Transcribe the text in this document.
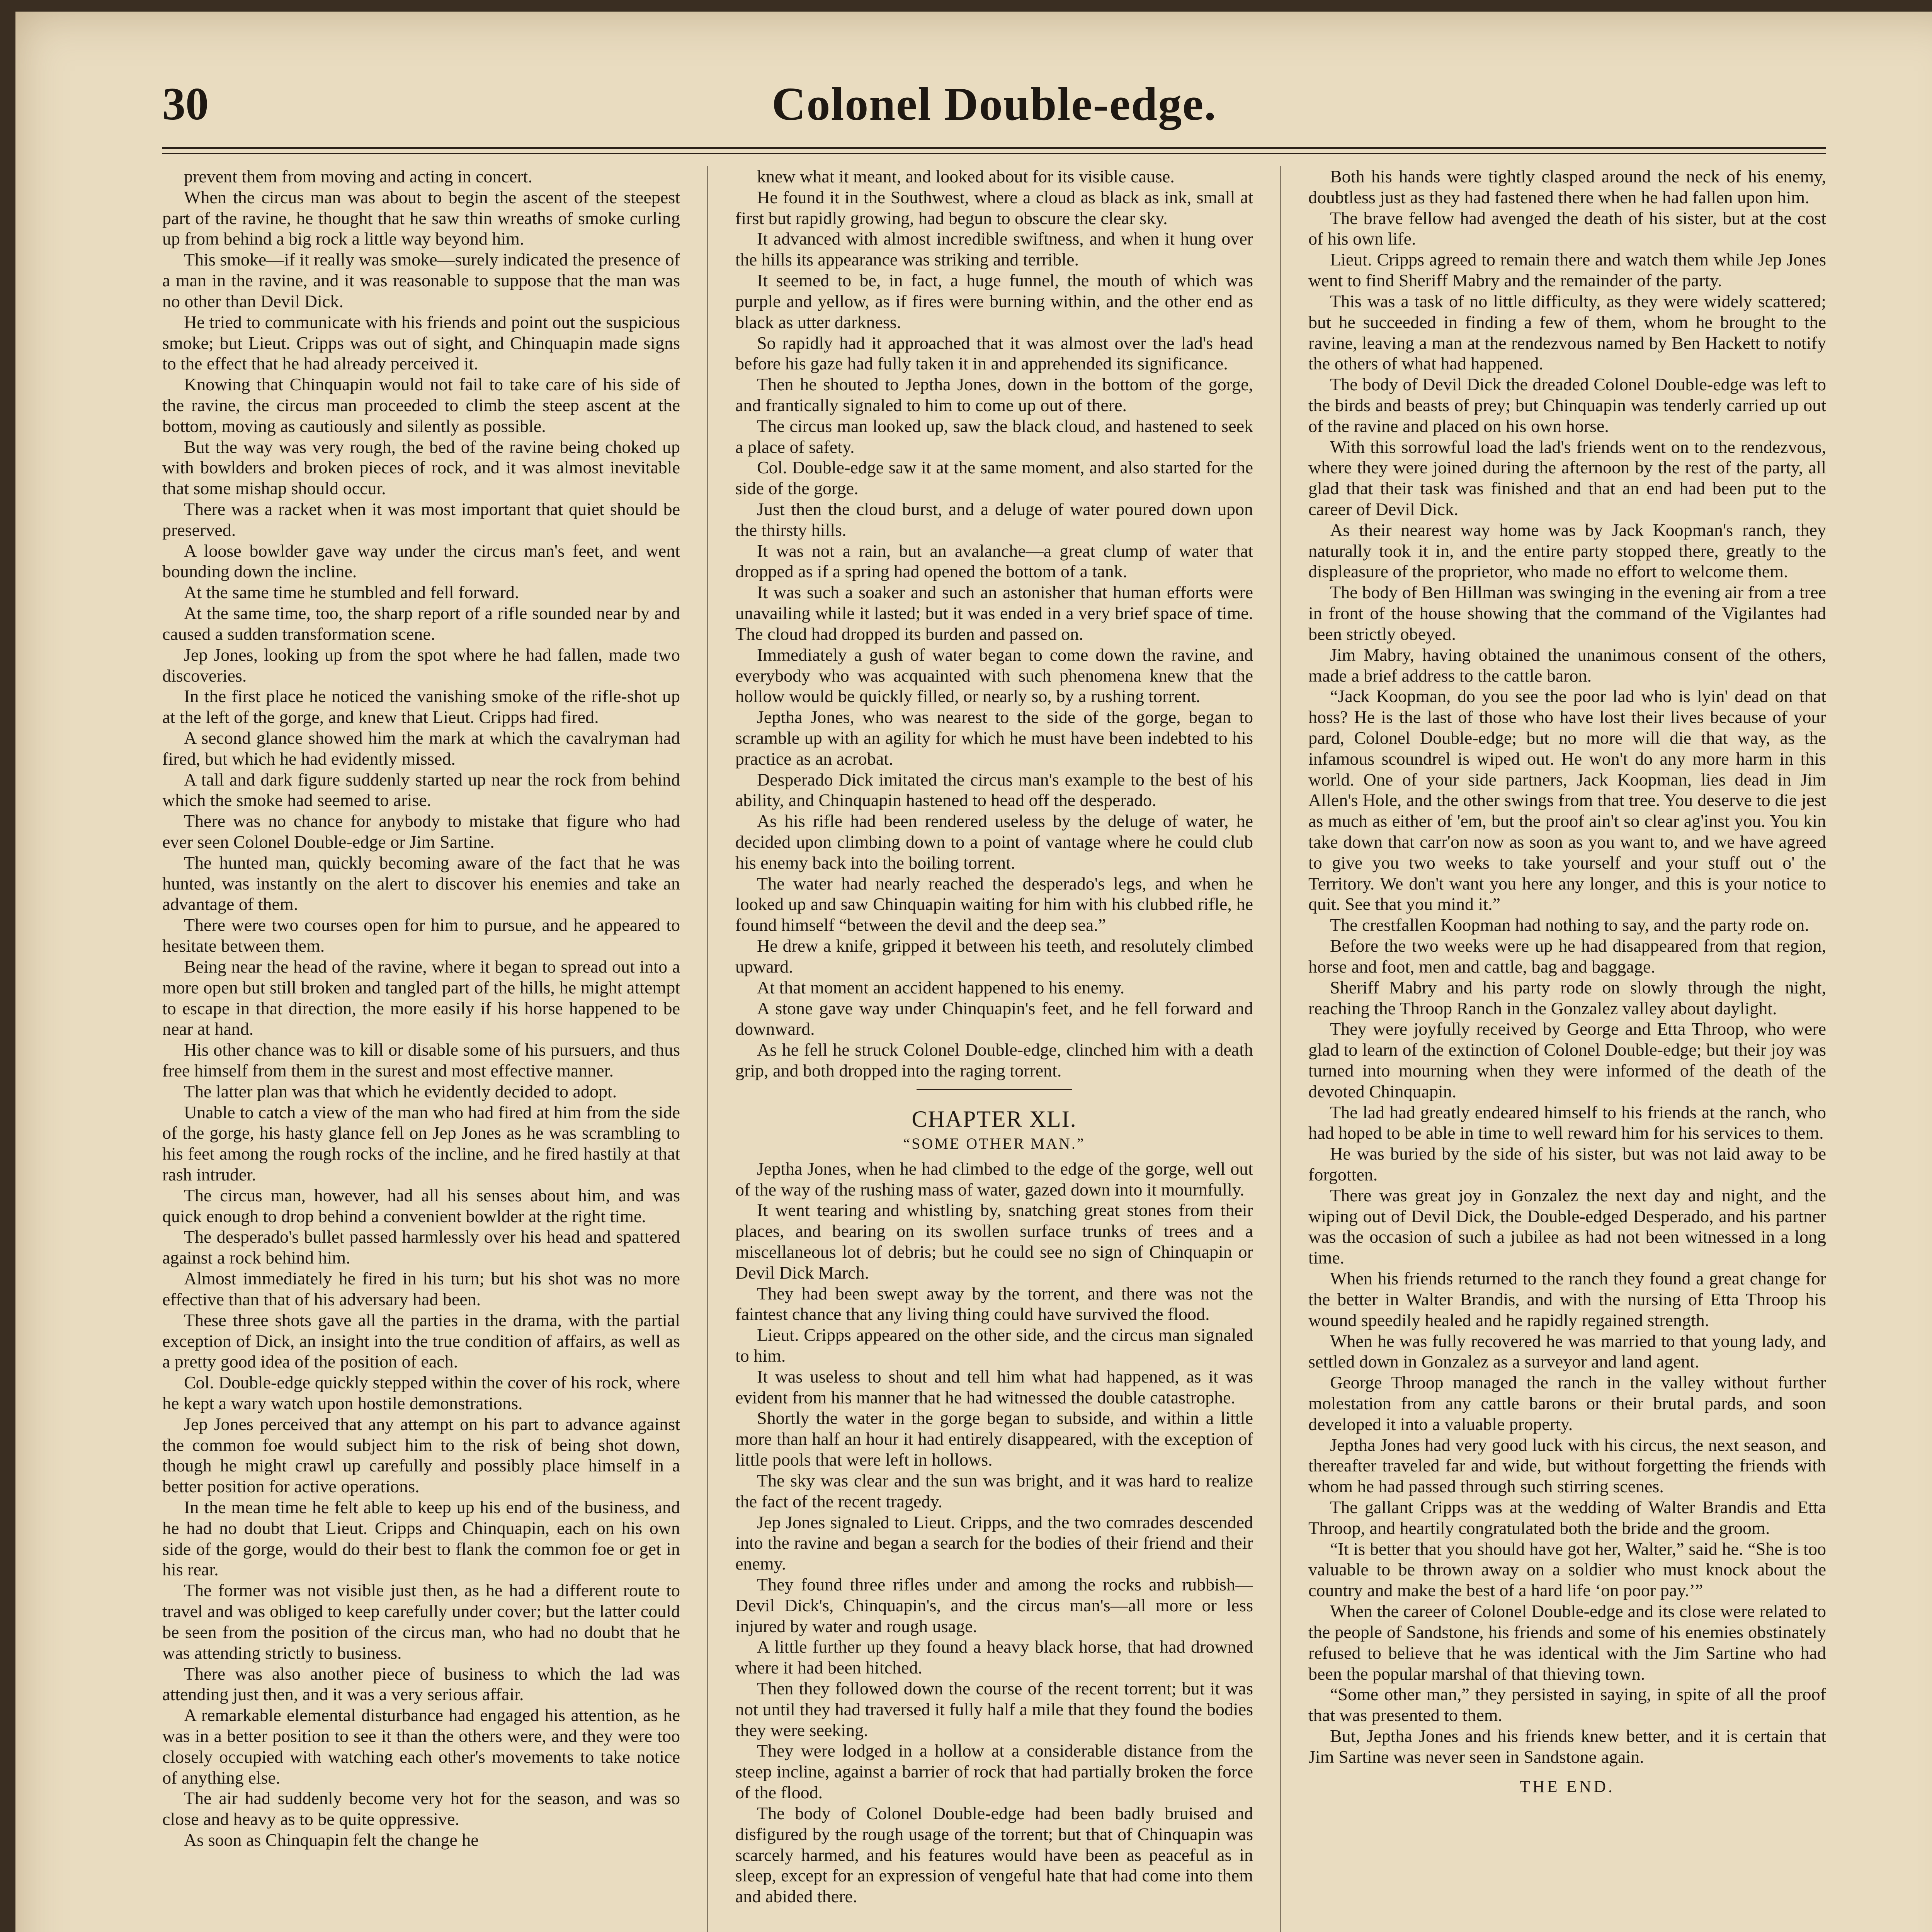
30	Colonel Double-edge.

prevent them from moving and acting in concert.

When the circus man was about to begin the ascent of the steepest part of the ravine, he thought that he saw thin wreaths of smoke curling up from behind a big rock a little way beyond him.

This smoke—if it really was smoke—surely indicated the presence of a man in the ravine, and it was reasonable to suppose that the man was no other than Devil Dick.

He tried to communicate with his friends and point out the suspicious smoke; but Lieut. Cripps was out of sight, and Chinquapin made signs to the effect that he had already perceived it.

Knowing that Chinquapin would not fail to take care of his side of the ravine, the circus man proceeded to climb the steep ascent at the bottom, moving as cautiously and silently as possible.

But the way was very rough, the bed of the ravine being choked up with bowlders and broken pieces of rock, and it was almost inevitable that some mishap should occur.

There was a racket when it was most important that quiet should be preserved.

A loose bowlder gave way under the circus man's feet, and went bounding down the incline.

At the same time he stumbled and fell forward.

At the same time, too, the sharp report of a rifle sounded near by and caused a sudden transformation scene.

Jep Jones, looking up from the spot where he had fallen, made two discoveries.

In the first place he noticed the vanishing smoke of the rifle-shot up at the left of the gorge, and knew that Lieut. Cripps had fired.

A second glance showed him the mark at which the cavalryman had fired, but which he had evidently missed.

A tall and dark figure suddenly started up near the rock from behind which the smoke had seemed to arise.

There was no chance for anybody to mistake that figure who had ever seen Colonel Double-edge or Jim Sartine.

The hunted man, quickly becoming aware of the fact that he was hunted, was instantly on the alert to discover his enemies and take an advantage of them.

There were two courses open for him to pursue, and he appeared to hesitate between them.

Being near the head of the ravine, where it began to spread out into a more open but still broken and tangled part of the hills, he might attempt to escape in that direction, the more easily if his horse happened to be near at hand.

His other chance was to kill or disable some of his pursuers, and thus free himself from them in the surest and most effective manner.

The latter plan was that which he evidently decided to adopt.

Unable to catch a view of the man who had fired at him from the side of the gorge, his hasty glance fell on Jep Jones as he was scrambling to his feet among the rough rocks of the incline, and he fired hastily at that rash intruder.

The circus man, however, had all his senses about him, and was quick enough to drop behind a convenient bowlder at the right time.

The desperado's bullet passed harmlessly over his head and spattered against a rock behind him.

Almost immediately he fired in his turn; but his shot was no more effective than that of his adversary had been.

These three shots gave all the parties in the drama, with the partial exception of Dick, an insight into the true condition of affairs, as well as a pretty good idea of the position of each.

Col. Double-edge quickly stepped within the cover of his rock, where he kept a wary watch upon hostile demonstrations.

Jep Jones perceived that any attempt on his part to advance against the common foe would subject him to the risk of being shot down, though he might crawl up carefully and possibly place himself in a better position for active operations.

In the mean time he felt able to keep up his end of the business, and he had no doubt that Lieut. Cripps and Chinquapin, each on his own side of the gorge, would do their best to flank the common foe or get in his rear.

The former was not visible just then, as he had a different route to travel and was obliged to keep carefully under cover; but the latter could be seen from the position of the circus man, who had no doubt that he was attending strictly to business.

There was also another piece of business to which the lad was attending just then, and it was a very serious affair.

A remarkable elemental disturbance had engaged his attention, as he was in a better position to see it than the others were, and they were too closely occupied with watching each other's movements to take notice of anything else.

The air had suddenly become very hot for the season, and was so close and heavy as to be quite oppressive.

As soon as Chinquapin felt the change he

knew what it meant, and looked about for its visible cause.

He found it in the Southwest, where a cloud as black as ink, small at first but rapidly growing, had begun to obscure the clear sky.

It advanced with almost incredible swiftness, and when it hung over the hills its appearance was striking and terrible.

It seemed to be, in fact, a huge funnel, the mouth of which was purple and yellow, as if fires were burning within, and the other end as black as utter darkness.

So rapidly had it approached that it was almost over the lad's head before his gaze had fully taken it in and apprehended its significance.

Then he shouted to Jeptha Jones, down in the bottom of the gorge, and frantically signaled to him to come up out of there.

The circus man looked up, saw the black cloud, and hastened to seek a place of safety.

Col. Double-edge saw it at the same moment, and also started for the side of the gorge.

Just then the cloud burst, and a deluge of water poured down upon the thirsty hills.

It was not a rain, but an avalanche—a great clump of water that dropped as if a spring had opened the bottom of a tank.

It was such a soaker and such an astonisher that human efforts were unavailing while it lasted; but it was ended in a very brief space of time. The cloud had dropped its burden and passed on.

Immediately a gush of water began to come down the ravine, and everybody who was acquainted with such phenomena knew that the hollow would be quickly filled, or nearly so, by a rushing torrent.

Jeptha Jones, who was nearest to the side of the gorge, began to scramble up with an agility for which he must have been indebted to his practice as an acrobat.

Desperado Dick imitated the circus man's example to the best of his ability, and Chinquapin hastened to head off the desperado.

As his rifle had been rendered useless by the deluge of water, he decided upon climbing down to a point of vantage where he could club his enemy back into the boiling torrent.

The water had nearly reached the desperado's legs, and when he looked up and saw Chinquapin waiting for him with his clubbed rifle, he found himself “between the devil and the deep sea.”

He drew a knife, gripped it between his teeth, and resolutely climbed upward.

At that moment an accident happened to his enemy.

A stone gave way under Chinquapin's feet, and he fell forward and downward.

As he fell he struck Colonel Double-edge, clinched him with a death grip, and both dropped into the raging torrent.

CHAPTER XLI.
“SOME OTHER MAN.”

Jeptha Jones, when he had climbed to the edge of the gorge, well out of the way of the rushing mass of water, gazed down into it mournfully.

It went tearing and whistling by, snatching great stones from their places, and bearing on its swollen surface trunks of trees and a miscellaneous lot of debris; but he could see no sign of Chinquapin or Devil Dick March.

They had been swept away by the torrent, and there was not the faintest chance that any living thing could have survived the flood.

Lieut. Cripps appeared on the other side, and the circus man signaled to him.

It was useless to shout and tell him what had happened, as it was evident from his manner that he had witnessed the double catastrophe.

Shortly the water in the gorge began to subside, and within a little more than half an hour it had entirely disappeared, with the exception of little pools that were left in hollows.

The sky was clear and the sun was bright, and it was hard to realize the fact of the recent tragedy.

Jep Jones signaled to Lieut. Cripps, and the two comrades descended into the ravine and began a search for the bodies of their friend and their enemy.

They found three rifles under and among the rocks and rubbish—Devil Dick's, Chinquapin's, and the circus man's—all more or less injured by water and rough usage.

A little further up they found a heavy black horse, that had drowned where it had been hitched.

Then they followed down the course of the recent torrent; but it was not until they had traversed it fully half a mile that they found the bodies they were seeking.

They were lodged in a hollow at a considerable distance from the steep incline, against a barrier of rock that had partially broken the force of the flood.

The body of Colonel Double-edge had been badly bruised and disfigured by the rough usage of the torrent; but that of Chinquapin was scarcely harmed, and his features would have been as peaceful as in sleep, except for an expression of vengeful hate that had come into them and abided there.

Both his hands were tightly clasped around the neck of his enemy, doubtless just as they had fastened there when he had fallen upon him.

The brave fellow had avenged the death of his sister, but at the cost of his own life.

Lieut. Cripps agreed to remain there and watch them while Jep Jones went to find Sheriff Mabry and the remainder of the party.

This was a task of no little difficulty, as they were widely scattered; but he succeeded in finding a few of them, whom he brought to the ravine, leaving a man at the rendezvous named by Ben Hackett to notify the others of what had happened.

The body of Devil Dick the dreaded Colonel Double-edge was left to the birds and beasts of prey; but Chinquapin was tenderly carried up out of the ravine and placed on his own horse.

With this sorrowful load the lad's friends went on to the rendezvous, where they were joined during the afternoon by the rest of the party, all glad that their task was finished and that an end had been put to the career of Devil Dick.

As their nearest way home was by Jack Koopman's ranch, they naturally took it in, and the entire party stopped there, greatly to the displeasure of the proprietor, who made no effort to welcome them.

The body of Ben Hillman was swinging in the evening air from a tree in front of the house showing that the command of the Vigilantes had been strictly obeyed.

Jim Mabry, having obtained the unanimous consent of the others, made a brief address to the cattle baron.

“Jack Koopman, do you see the poor lad who is lyin' dead on that hoss? He is the last of those who have lost their lives because of your pard, Colonel Double-edge; but no more will die that way, as the infamous scoundrel is wiped out. He won't do any more harm in this world. One of your side partners, Jack Koopman, lies dead in Jim Allen's Hole, and the other swings from that tree. You deserve to die jest as much as either of 'em, but the proof ain't so clear ag'inst you. You kin take down that carr'on now as soon as you want to, and we have agreed to give you two weeks to take yourself and your stuff out o' the Territory. We don't want you here any longer, and this is your notice to quit. See that you mind it.”

The crestfallen Koopman had nothing to say, and the party rode on.

Before the two weeks were up he had disappeared from that region, horse and foot, men and cattle, bag and baggage.

Sheriff Mabry and his party rode on slowly through the night, reaching the Throop Ranch in the Gonzalez valley about daylight.

They were joyfully received by George and Etta Throop, who were glad to learn of the extinction of Colonel Double-edge; but their joy was turned into mourning when they were informed of the death of the devoted Chinquapin.

The lad had greatly endeared himself to his friends at the ranch, who had hoped to be able in time to well reward him for his services to them.

He was buried by the side of his sister, but was not laid away to be forgotten.

There was great joy in Gonzalez the next day and night, and the wiping out of Devil Dick, the Double-edged Desperado, and his partner was the occasion of such a jubilee as had not been witnessed in a long time.

When his friends returned to the ranch they found a great change for the better in Walter Brandis, and with the nursing of Etta Throop his wound speedily healed and he rapidly regained strength.

When he was fully recovered he was married to that young lady, and settled down in Gonzalez as a surveyor and land agent.

George Throop managed the ranch in the valley without further molestation from any cattle barons or their brutal pards, and soon developed it into a valuable property.

Jeptha Jones had very good luck with his circus, the next season, and thereafter traveled far and wide, but without forgetting the friends with whom he had passed through such stirring scenes.

The gallant Cripps was at the wedding of Walter Brandis and Etta Throop, and heartily congratulated both the bride and the groom.

“It is better that you should have got her, Walter,” said he. “She is too valuable to be thrown away on a soldier who must knock about the country and make the best of a hard life ‘on poor pay.’”

When the career of Colonel Double-edge and its close were related to the people of Sandstone, his friends and some of his enemies obstinately refused to believe that he was identical with the Jim Sartine who had been the popular marshal of that thieving town.

“Some other man,” they persisted in saying, in spite of all the proof that was presented to them.

But, Jeptha Jones and his friends knew better, and it is certain that Jim Sartine was never seen in Sandstone again.

THE END.
